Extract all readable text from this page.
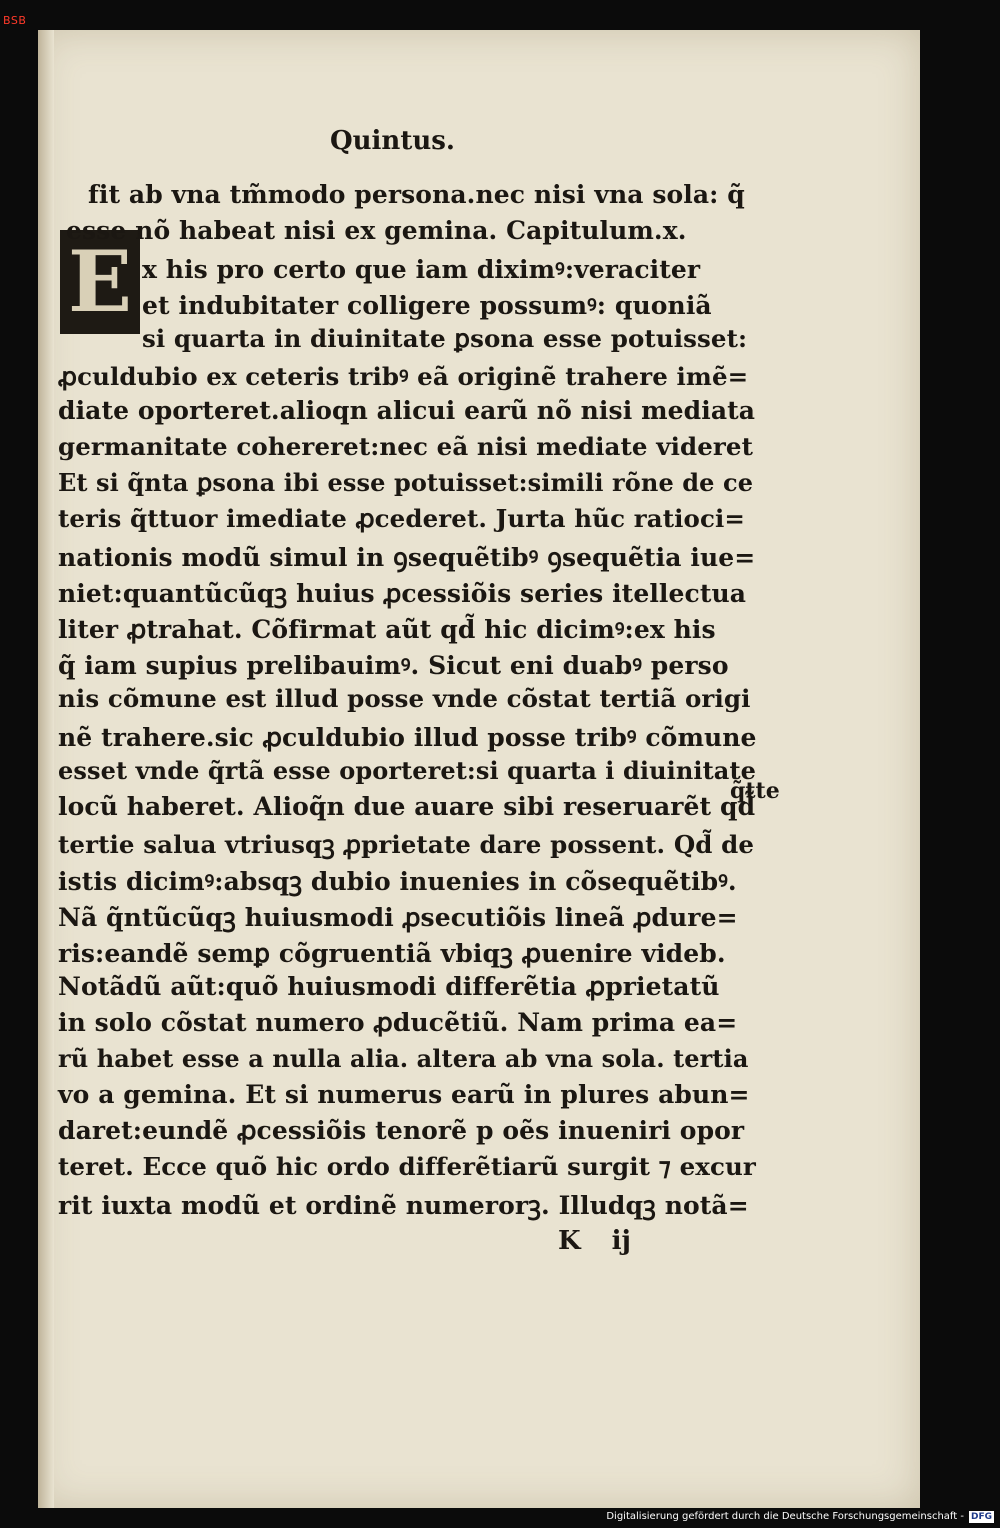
BSB
Quintus.
E
fit ab vna tm̃modo persona.nec nisi vna sola: q̃
esse nõ habeat nisi ex gemina. Capitulum.x.
x his pro certo que iam diximꝰ:veraciter
et indubitater colligere possumꝰ: quoniã
si quarta in diuinitate ꝑsona esse potuisset:
ꝓculdubio ex ceteris tribꝰ eã originẽ trahere imẽ=
diate oporteret.alioqn alicui earũ nõ nisi mediata
germanitate cohereret:nec eã nisi mediate videret
Et si q̃nta ꝑsona ibi esse potuisset:simili rõne de ce
teris q̃ttuor imediate ꝓcederet. Jurta hũc ratioci=
nationis modũ simul in ꝯsequẽtibꝰ ꝯsequẽtia iue=
niet:quantũcũqꝫ huius ꝓcessiõis series itellectua
liter ꝓtrahat. Cõfirmat aũt qd̃ hic dicimꝰ:ex his
q̃ iam supius prelibauimꝰ. Sicut eni duabꝰ perso
nis cõmune est illud posse vnde cõstat tertiã origi
nẽ trahere.sic ꝓculdubio illud posse tribꝰ cõmune
esset vnde q̃rtã esse oporteret:si quarta i diuinitate
locũ haberet. Alioq̃n due auare sibi reseruarẽt qd̃
tertie salua vtriusqꝫ ꝓprietate dare possent. Qd̃ de
istis dicimꝰ:absqꝫ dubio inuenies in cõsequẽtibꝰ.
Nã q̃ntũcũqꝫ huiusmodi ꝓsecutiõis lineã ꝓdure=
ris:eandẽ semꝑ cõgruentiã vbiqꝫ ꝓuenire videb.
Notãdũ aũt:quõ huiusmodi differẽtia ꝓprietatũ
in solo cõstat numero ꝓducẽtiũ. Nam prima ea=
rũ habet esse a nulla alia. altera ab vna sola. tertia
vo a gemina. Et si numerus earũ in plures abun=
daret:eundẽ ꝓcessiõis tenorẽ p oẽs inueniri opor
teret. Ecce quõ hic ordo differẽtiarũ surgit ⁊ excur
rit iuxta modũ et ordinẽ numerorꝫ. Illudqꝫ notã=
q̃tte
K ij
Digitalisierung gefördert durch die Deutsche Forschungsgemeinschaft - DFG
